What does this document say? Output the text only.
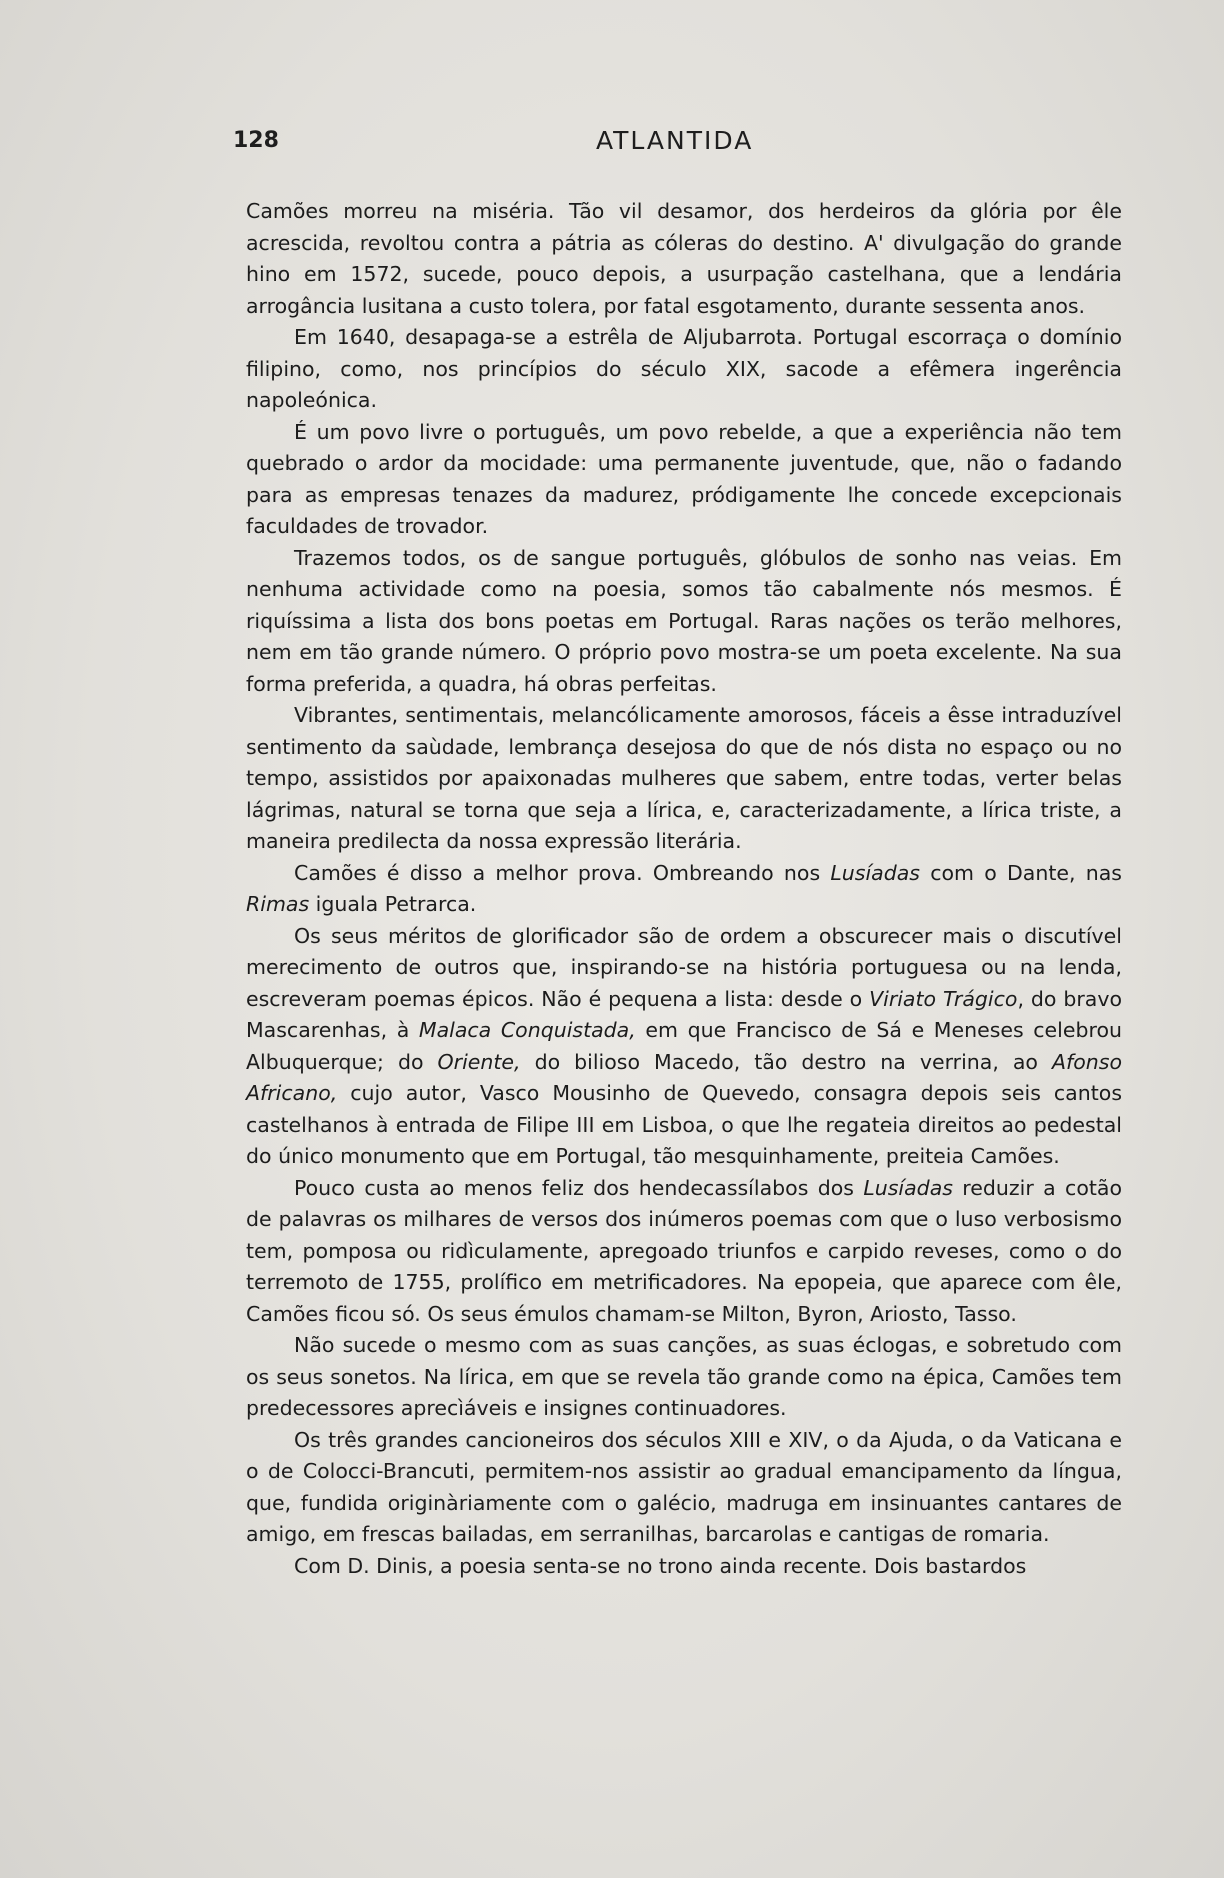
128	ATLANTIDA

Camões morreu na miséria. Tão vil desamor, dos herdeiros da glória por êle acrescida, revoltou contra a pátria as cóleras do destino. A' divulgação do grande hino em 1572, sucede, pouco depois, a usurpação castelhana, que a lendária arrogância lusitana a custo tolera, por fatal esgotamento, durante sessenta anos.

Em 1640, desapaga-se a estrêla de Aljubarrota. Portugal escorraça o domínio filipino, como, nos princípios do século XIX, sacode a efêmera ingerência napoleónica.

É um povo livre o português, um povo rebelde, a que a experiência não tem quebrado o ardor da mocidade: uma permanente juventude, que, não o fadando para as empresas tenazes da madurez, pródigamente lhe concede excepcionais faculdades de trovador.

Trazemos todos, os de sangue português, glóbulos de sonho nas veias. Em nenhuma actividade como na poesia, somos tão cabalmente nós mesmos. É riquíssima a lista dos bons poetas em Portugal. Raras nações os terão melhores, nem em tão grande número. O próprio povo mostra-se um poeta excelente. Na sua forma preferida, a quadra, há obras perfeitas.

Vibrantes, sentimentais, melancólicamente amorosos, fáceis a êsse intraduzível sentimento da saùdade, lembrança desejosa do que de nós dista no espaço ou no tempo, assistidos por apaixonadas mulheres que sabem, entre todas, verter belas lágrimas, natural se torna que seja a lírica, e, caracterizadamente, a lírica triste, a maneira predilecta da nossa expressão literária.

Camões é disso a melhor prova. Ombreando nos Lusíadas com o Dante, nas Rimas iguala Petrarca.

Os seus méritos de glorificador são de ordem a obscurecer mais o discutível merecimento de outros que, inspirando-se na história portuguesa ou na lenda, escreveram poemas épicos. Não é pequena a lista: desde o Viriato Trágico, do bravo Mascarenhas, à Malaca Conquistada, em que Francisco de Sá e Meneses celebrou Albuquerque; do Oriente, do bilioso Macedo, tão destro na verrina, ao Afonso Africano, cujo autor, Vasco Mousinho de Quevedo, consagra depois seis cantos castelhanos à entrada de Filipe III em Lisboa, o que lhe regateia direitos ao pedestal do único monumento que em Portugal, tão mesquinhamente, preiteia Camões.

Pouco custa ao menos feliz dos hendecassílabos dos Lusíadas reduzir a cotão de palavras os milhares de versos dos inúmeros poemas com que o luso verbosismo tem, pomposa ou ridìculamente, apregoado triunfos e carpido reveses, como o do terremoto de 1755, prolífico em metrificadores. Na epopeia, que aparece com êle, Camões ficou só. Os seus émulos chamam-se Milton, Byron, Ariosto, Tasso.

Não sucede o mesmo com as suas canções, as suas éclogas, e sobretudo com os seus sonetos. Na lírica, em que se revela tão grande como na épica, Camões tem predecessores aprecìáveis e insignes continuadores.

Os três grandes cancioneiros dos séculos XIII e XIV, o da Ajuda, o da Vaticana e o de Colocci-Brancuti, permitem-nos assistir ao gradual emancipamento da língua, que, fundida originàriamente com o galécio, madruga em insinuantes cantares de amigo, em frescas bailadas, em serranilhas, barcarolas e cantigas de romaria.

Com D. Dinis, a poesia senta-se no trono ainda recente. Dois bastardos
